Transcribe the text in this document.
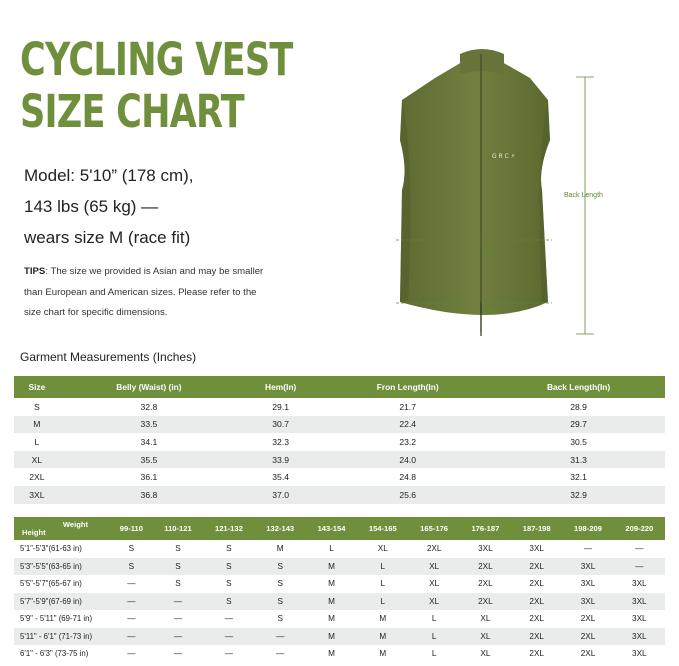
CYCLING VEST
SIZE CHART
Model: 5'10” (178 cm),
143 lbs (65 kg) —
wears size M (race fit)
TIPS: The size we provided is Asian and may be smaller than European and American sizes. Please refer to the size chart for specific dimensions.
G R C ⚡
Back Length
Waist
Hem
Garment Measurements (Inches)
Size	Belly (Waist) (in)	Hem(In)	Fron Length(In)	Back Length(In)
S	32.8	29.1	21.7	28.9
M	33.5	30.7	22.4	29.7
L	34.1	32.3	23.2	30.5
XL	35.5	33.9	24.0	31.3
2XL	36.1	35.4	24.8	32.1
3XL	36.8	37.0	25.6	32.9
Weight
Height	99-110	110-121	121-132	132-143	143-154	154-165	165-176	176-187	187-198	198-209	209-220
5'1"-5'3"(61-63 in)	S	S	S	M	L	XL	2XL	3XL	3XL	—	—
5'3"-5'5"(63-65 in)	S	S	S	S	M	L	XL	2XL	2XL	3XL	—
5'5"-5'7"(65-67 in)	—	S	S	S	M	L	XL	2XL	2XL	3XL	3XL
5'7"-5'9"(67-69 in)	—	—	S	S	M	L	XL	2XL	2XL	3XL	3XL
5'9" - 5'11" (69-71 in)	—	—	—	S	M	M	L	XL	2XL	2XL	3XL
5'11" - 6'1" (71-73 in)	—	—	—	—	M	M	L	XL	2XL	2XL	3XL
6'1" - 6'3" (73-75 in)	—	—	—	—	M	M	L	XL	2XL	2XL	3XL
